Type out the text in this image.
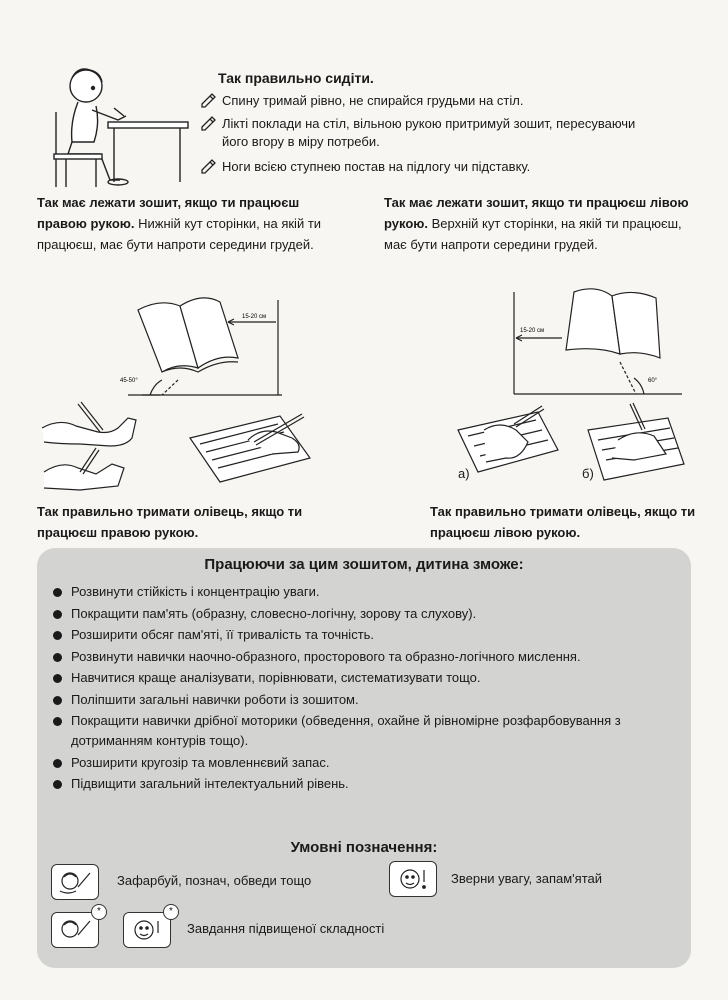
Так правильно сидіти.
Спину тримай рівно, не спирайся грудьми на стіл.
Лікті поклади на стіл, вільною рукою притримуй зошит, пересуваючи його вгору в міру потреби.
Ноги всією ступнею постав на підлогу чи підставку.
Так має лежати зошит, якщо ти працюєш правою рукою. Нижній кут сторінки, на якій ти працюєш, має бути напроти середини грудей.
Так має лежати зошит, якщо ти працюєш лівою рукою. Верхній кут сторінки, на якій ти працюєш, має бути напроти середини грудей.
15-20 см
45-50°
15-20 см
60°
а)	б)
Так правильно тримати олівець, якщо ти працюєш правою рукою.
Так правильно тримати олівець, якщо ти працюєш лівою рукою.
Працюючи за цим зошитом, дитина зможе:
Розвинути стійкість і концентрацію уваги.
Покращити пам'ять (образну, словесно-логічну, зорову та слухову).
Розширити обсяг пам'яті, її тривалість та точність.
Розвинути навички наочно-образного, просторового та образно-логічного мислення.
Навчитися краще аналізувати, порівнювати, систематизувати тощо.
Поліпшити загальні навички роботи із зошитом.
Покращити навички дрібної моторики (обведення, охайне й рівномірне розфарбовування з дотриманням контурів тощо).
Розширити кругозір та мовленнєвий запас.
Підвищити загальний інтелектуальний рівень.
Умовні позначення:
Зафарбуй, познач, обведи тощо	Зверни увагу, запам'ятай
*	*
Завдання підвищеної складності
